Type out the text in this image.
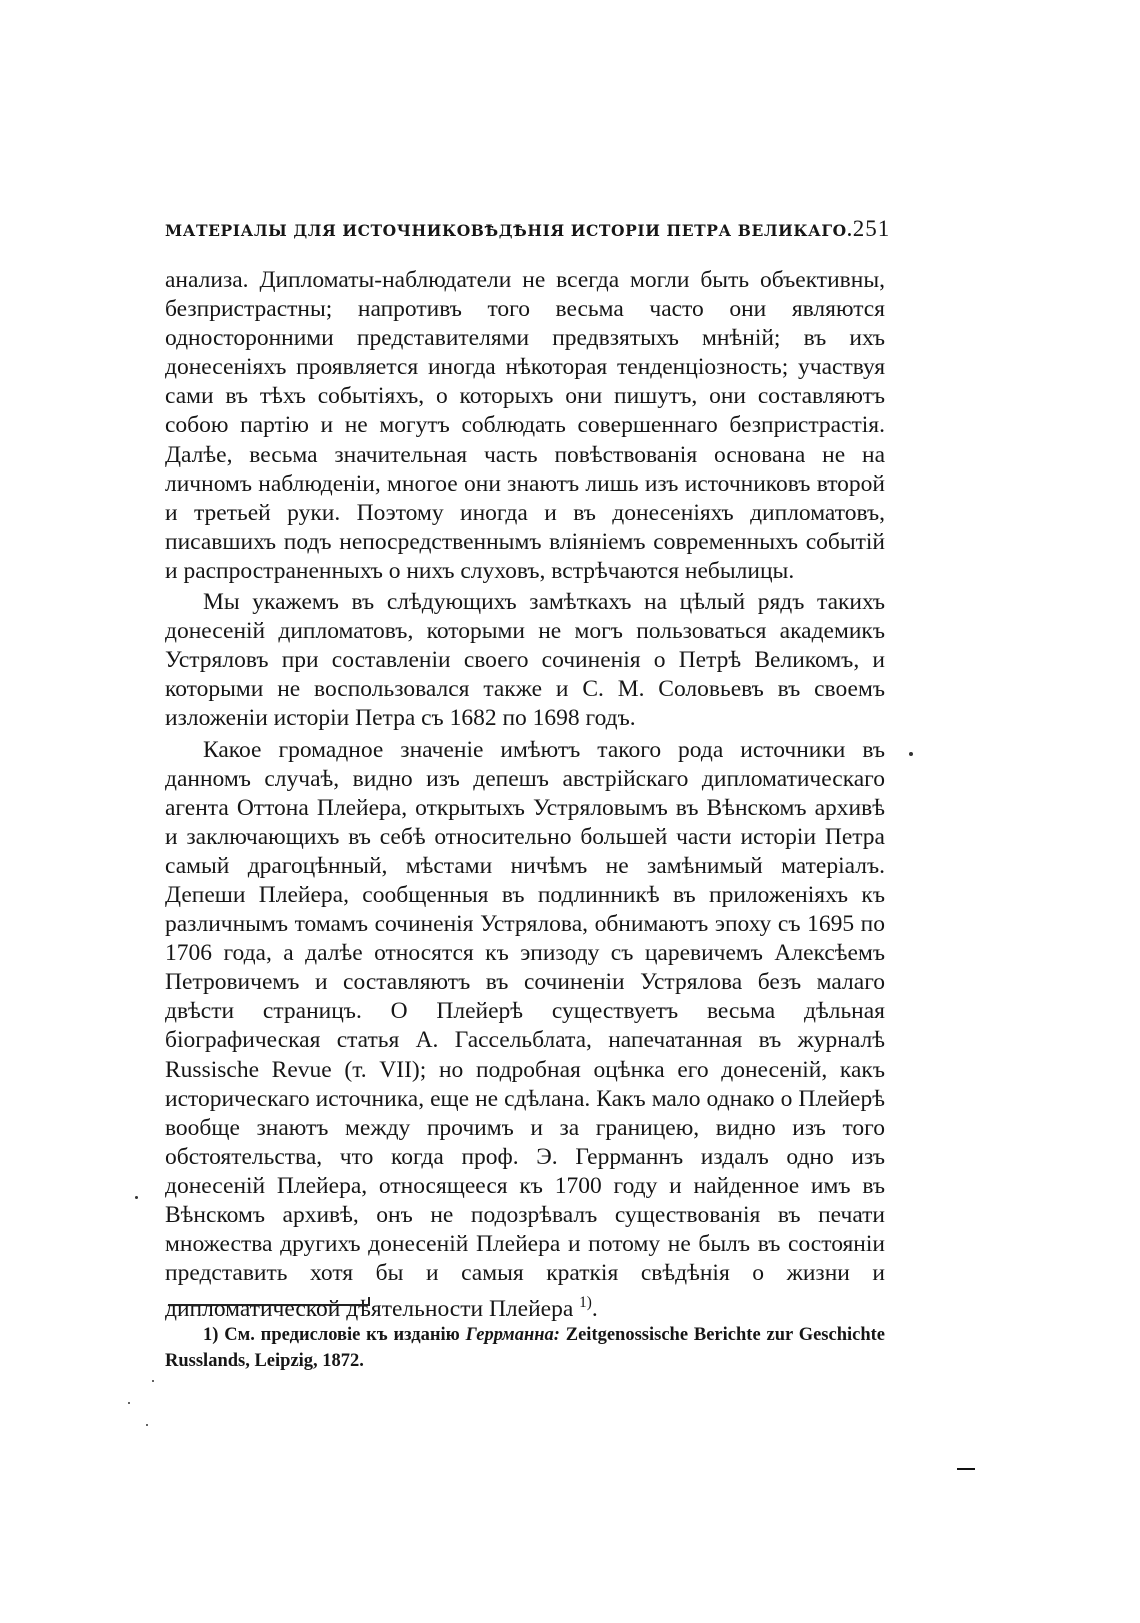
МАТЕРІАЛЫ ДЛЯ ИСТОЧНИКОВѢДѢНІЯ ИСТОРІИ ПЕТРА ВЕЛИКАГО. 251

анализа. Дипломаты-наблюдатели не всегда могли быть объективны, безпристрастны; напротивъ того весьма часто они являются односторонними представителями предвзятыхъ мнѣній; въ ихъ донесеніяхъ проявляется иногда нѣкоторая тенденціозность; участвуя сами въ тѣхъ событіяхъ, о которыхъ они пишутъ, они составляютъ собою партію и не могутъ соблюдать совершеннаго безпристрастія. Далѣе, весьма значительная часть повѣствованія основана не на личномъ наблюденіи, многое они знаютъ лишь изъ источниковъ второй и третьей руки. Поэтому иногда и въ донесеніяхъ дипломатовъ, писавшихъ подъ непосредственнымъ вліяніемъ современныхъ событій и распространенныхъ о нихъ слуховъ, встрѣчаются небылицы.

Мы укажемъ въ слѣдующихъ замѣткахъ на цѣлый рядъ такихъ донесеній дипломатовъ, которыми не могъ пользоваться академикъ Устряловъ при составленіи своего сочиненія о Петрѣ Великомъ, и которыми не воспользовался также и С. М. Соловьевъ въ своемъ изложеніи исторіи Петра съ 1682 по 1698 годъ.

Какое громадное значеніе имѣютъ такого рода источники въ данномъ случаѣ, видно изъ депешъ австрійскаго дипломатическаго агента Оттона Плейера, открытыхъ Устряловымъ въ Вѣнскомъ архивѣ и заключающихъ въ себѣ относительно большей части исторіи Петра самый драгоцѣнный, мѣстами ничѣмъ не замѣнимый матеріалъ. Депеши Плейера, сообщенныя въ подлинникѣ въ приложеніяхъ къ различнымъ томамъ сочиненія Устрялова, обнимаютъ эпоху съ 1695 по 1706 года, а далѣе относятся къ эпизоду съ царевичемъ Алексѣемъ Петровичемъ и составляютъ въ сочиненіи Устрялова безъ малаго двѣсти страницъ. О Плейерѣ существуетъ весьма дѣльная біографическая статья А. Гассельблата, напечатанная въ журналѣ Russische Revue (т. VII); но подробная оцѣнка его донесеній, какъ историческаго источника, еще не сдѣлана. Какъ мало однако о Плейерѣ вообще знаютъ между прочимъ и за границею, видно изъ того обстоятельства, что когда проф. Э. Геррманнъ издалъ одно изъ донесеній Плейера, относящееся къ 1700 году и найденное имъ въ Вѣнскомъ архивѣ, онъ не подозрѣвалъ существованія въ печати множества другихъ донесеній Плейера и потому не былъ въ состояніи представить хотя бы и самыя краткія свѣдѣнія о жизни и дипломатической дѣятельности Плейера $^{1)}$.

1) См. предисловіе къ изданію Геррманна: Zeitgenossische Berichte zur Geschichte Russlands, Leipzig, 1872.
